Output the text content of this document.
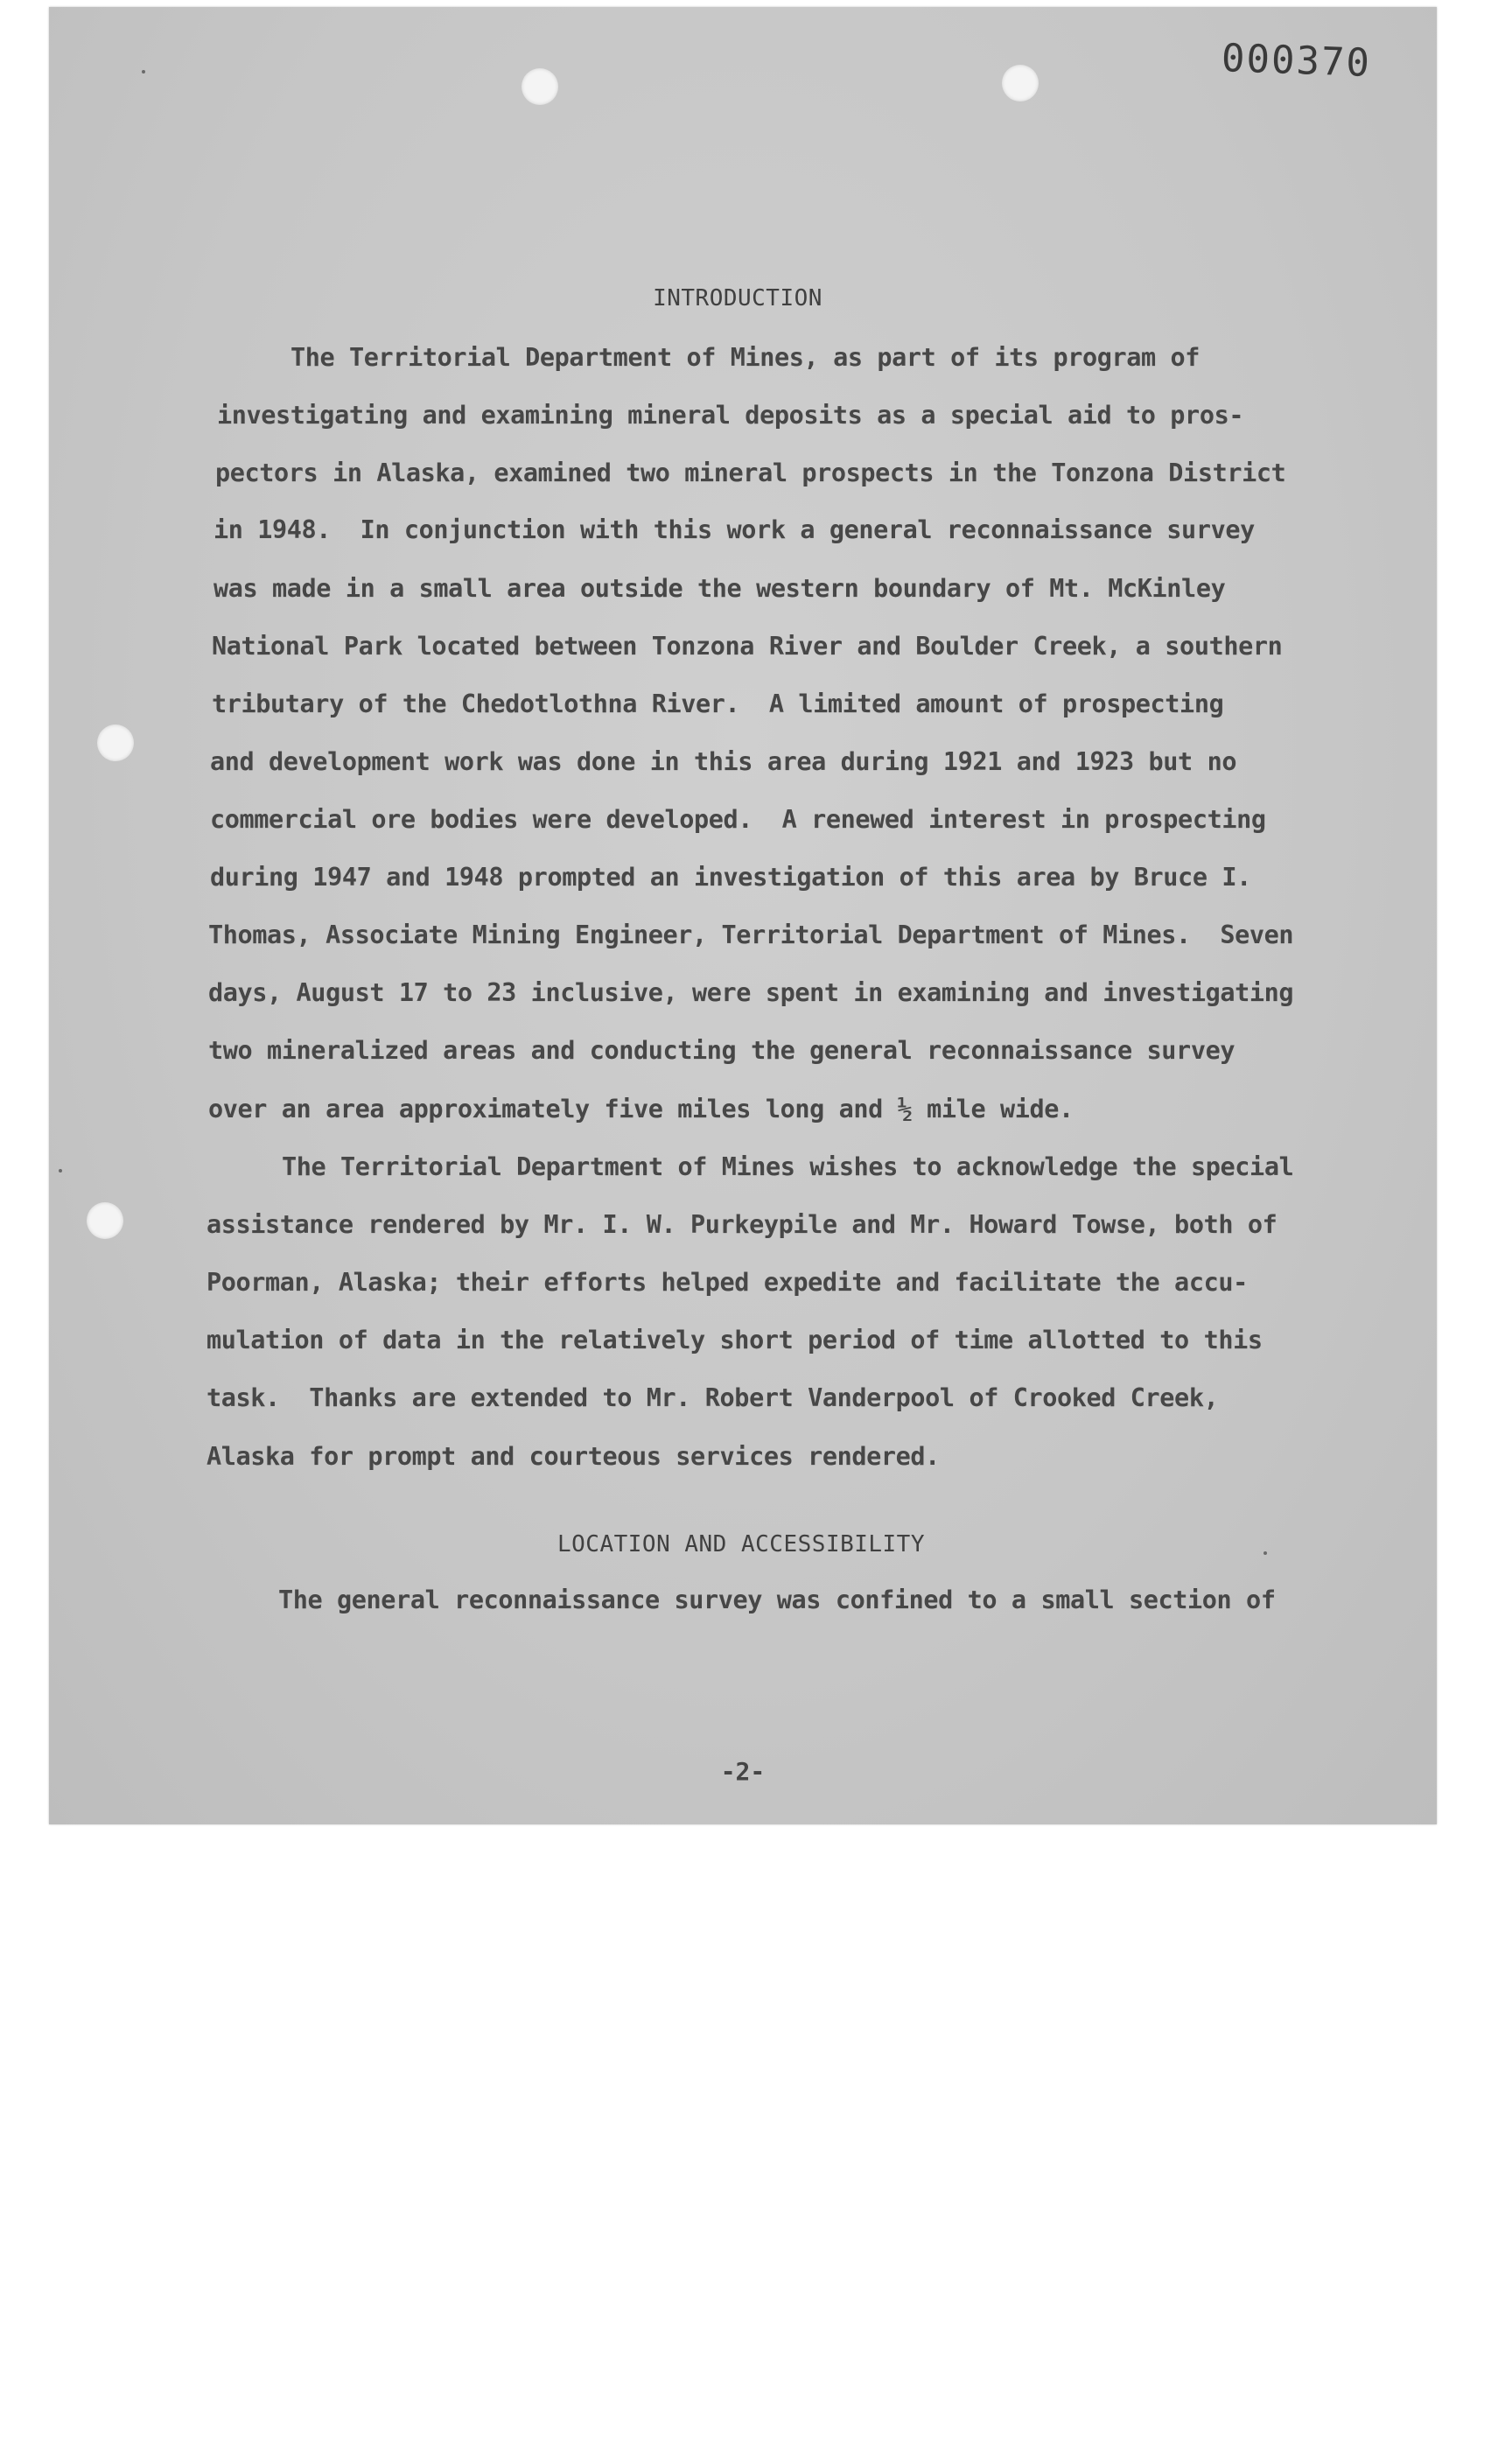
000370
INTRODUCTION
The Territorial Department of Mines, as part of its program of
investigating and examining mineral deposits as a special aid to pros-
pectors in Alaska, examined two mineral prospects in the Tonzona District
in 1948.  In conjunction with this work a general reconnaissance survey
was made in a small area outside the western boundary of Mt. McKinley
National Park located between Tonzona River and Boulder Creek, a southern
tributary of the Chedotlothna River.  A limited amount of prospecting
and development work was done in this area during 1921 and 1923 but no
commercial ore bodies were developed.  A renewed interest in prospecting
during 1947 and 1948 prompted an investigation of this area by Bruce I.
Thomas, Associate Mining Engineer, Territorial Department of Mines.  Seven
days, August 17 to 23 inclusive, were spent in examining and investigating
two mineralized areas and conducting the general reconnaissance survey
over an area approximately five miles long and ½ mile wide.
The Territorial Department of Mines wishes to acknowledge the special
assistance rendered by Mr. I. W. Purkeypile and Mr. Howard Towse, both of
Poorman, Alaska; their efforts helped expedite and facilitate the accu-
mulation of data in the relatively short period of time allotted to this
task.  Thanks are extended to Mr. Robert Vanderpool of Crooked Creek,
Alaska for prompt and courteous services rendered.
LOCATION AND ACCESSIBILITY
The general reconnaissance survey was confined to a small section of
-2-
